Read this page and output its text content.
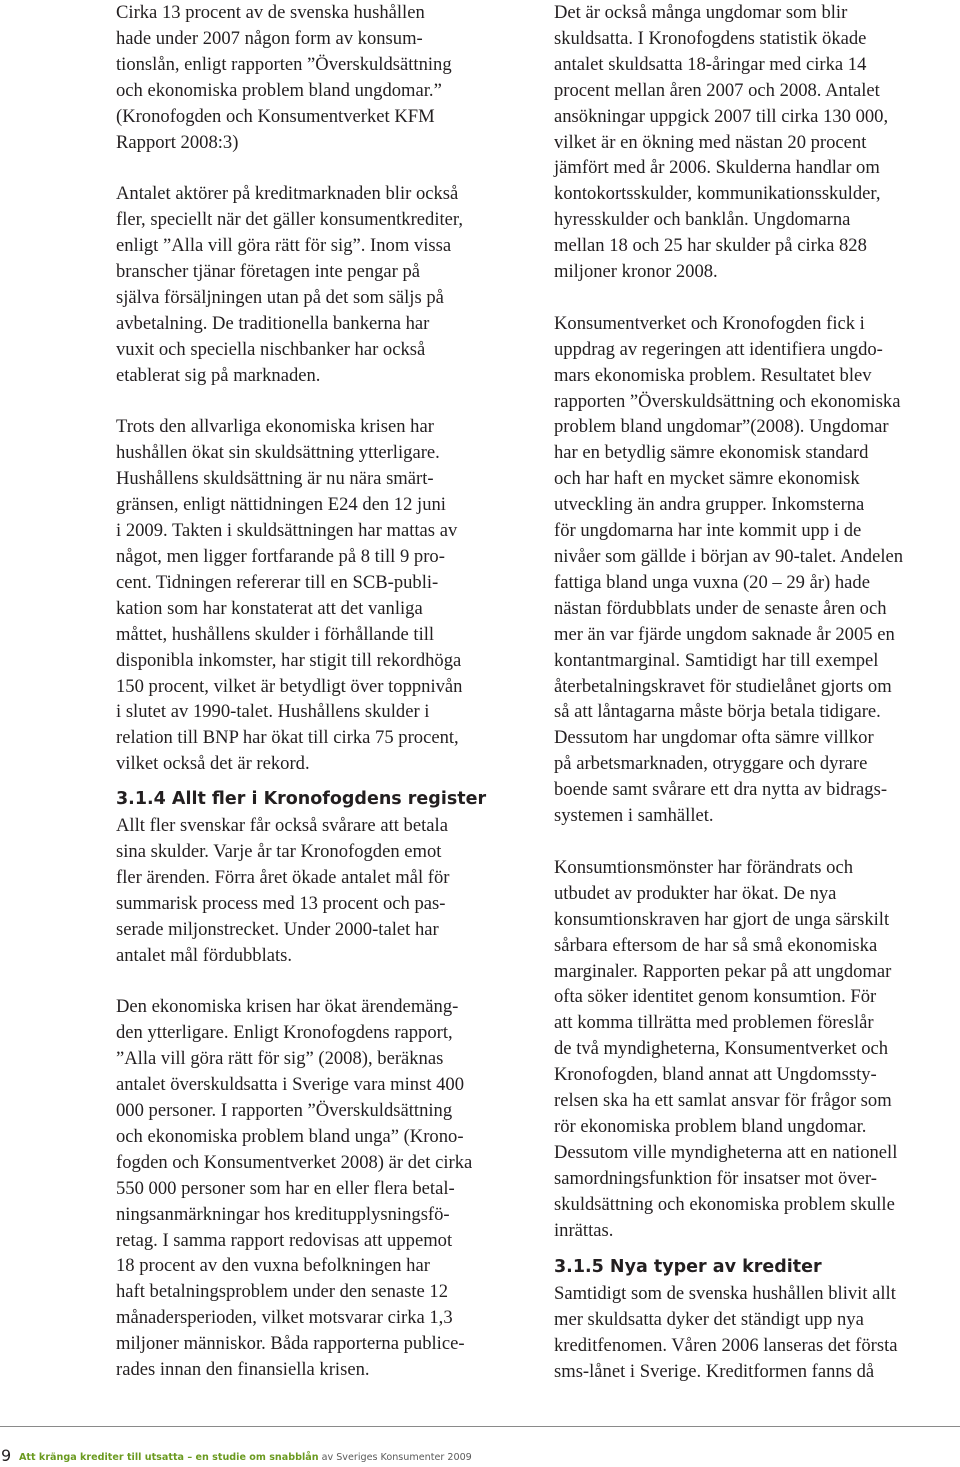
Cirka 13 procent av de svenska hushållen
hade under 2007 någon form av konsum-
tionslån, enligt rapporten ”Överskuldsättning
och ekonomiska problem bland ungdomar.”
(Kronofogden och Konsumentverket KFM
Rapport 2008:3)

Antalet aktörer på kreditmarknaden blir också
fler, speciellt när det gäller konsumentkrediter,
enligt ”Alla vill göra rätt för sig”. Inom vissa
branscher tjänar företagen inte pengar på
själva försäljningen utan på det som säljs på
avbetalning. De traditionella bankerna har
vuxit och speciella nischbanker har också
etablerat sig på marknaden.

Trots den allvarliga ekonomiska krisen har
hushållen ökat sin skuldsättning ytterligare.
Hushållens skuldsättning är nu nära smärt-
gränsen, enligt nättidningen E24 den 12 juni
i 2009. Takten i skuldsättningen har mattas av
något, men ligger fortfarande på 8 till 9 pro-
cent. Tidningen refererar till en SCB-publi-
kation som har konstaterat att det vanliga
måttet, hushållens skulder i förhållande till
disponibla inkomster, har stigit till rekordhöga
150 procent, vilket är betydligt över toppnivån
i slutet av 1990-talet. Hushållens skulder i
relation till BNP har ökat till cirka 75 procent,
vilket också det är rekord.

3.1.4 Allt fler i Kronofogdens register

Allt fler svenskar får också svårare att betala
sina skulder. Varje år tar Kronofogden emot
fler ärenden. Förra året ökade antalet mål för
summarisk process med 13 procent och pas-
serade miljonstrecket. Under 2000-talet har
antalet mål fördubblats.

Den ekonomiska krisen har ökat ärendemäng-
den ytterligare. Enligt Kronofogdens rapport,
”Alla vill göra rätt för sig” (2008), beräknas
antalet överskuldsatta i Sverige vara minst 400
000 personer. I rapporten ”Överskuldsättning
och ekonomiska problem bland unga” (Krono-
fogden och Konsumentverket 2008) är det cirka
550 000 personer som har en eller flera betal-
ningsanmärkningar hos kreditupplysningsfö-
retag. I samma rapport redovisas att uppemot
18 procent av den vuxna befolkningen har
haft betalningsproblem under den senaste 12
månadersperioden, vilket motsvarar cirka 1,3
miljoner människor. Båda rapporterna publice-
rades innan den finansiella krisen.

Det är också många ungdomar som blir
skuldsatta. I Kronofogdens statistik ökade
antalet skuldsatta 18-åringar med cirka 14
procent mellan åren 2007 och 2008. Antalet
ansökningar uppgick 2007 till cirka 130 000,
vilket är en ökning med nästan 20 procent
jämfört med år 2006. Skulderna handlar om
kontokortsskulder, kommunikationsskulder,
hyresskulder och banklån. Ungdomarna
mellan 18 och 25 har skulder på cirka 828
miljoner kronor 2008.

Konsumentverket och Kronofogden fick i
uppdrag av regeringen att identifiera ungdo-
mars ekonomiska problem. Resultatet blev
rapporten ”Överskuldsättning och ekonomiska
problem bland ungdomar”(2008). Ungdomar
har en betydlig sämre ekonomisk standard
och har haft en mycket sämre ekonomisk
utveckling än andra grupper. Inkomsterna
för ungdomarna har inte kommit upp i de
nivåer som gällde i början av 90-talet. Andelen
fattiga bland unga vuxna (20 – 29 år) hade
nästan fördubblats under de senaste åren och
mer än var fjärde ungdom saknade år 2005 en
kontantmarginal. Samtidigt har till exempel
återbetalningskravet för studielånet gjorts om
så att låntagarna måste börja betala tidigare.
Dessutom har ungdomar ofta sämre villkor
på arbetsmarknaden, otryggare och dyrare
boende samt svårare ett dra nytta av bidrags-
systemen i samhället.

Konsumtionsmönster har förändrats och
utbudet av produkter har ökat. De nya
konsumtionskraven har gjort de unga särskilt
sårbara eftersom de har så små ekonomiska
marginaler. Rapporten pekar på att ungdomar
ofta söker identitet genom konsumtion. För
att komma tillrätta med problemen föreslår
de två myndigheterna, Konsumentverket och
Kronofogden, bland annat att Ungdomssty-
relsen ska ha ett samlat ansvar för frågor som
rör ekonomiska problem bland ungdomar.
Dessutom ville myndigheterna att en nationell
samordningsfunktion för insatser mot över-
skuldsättning och ekonomiska problem skulle
inrättas.

3.1.5 Nya typer av krediter

Samtidigt som de svenska hushållen blivit allt
mer skuldsatta dyker det ständigt upp nya
kreditfenomen. Våren 2006 lanseras det första
sms-lånet i Sverige. Kreditformen fanns då

9 Att kränga krediter till utsatta – en studie om snabblån av Sveriges Konsumenter 2009
